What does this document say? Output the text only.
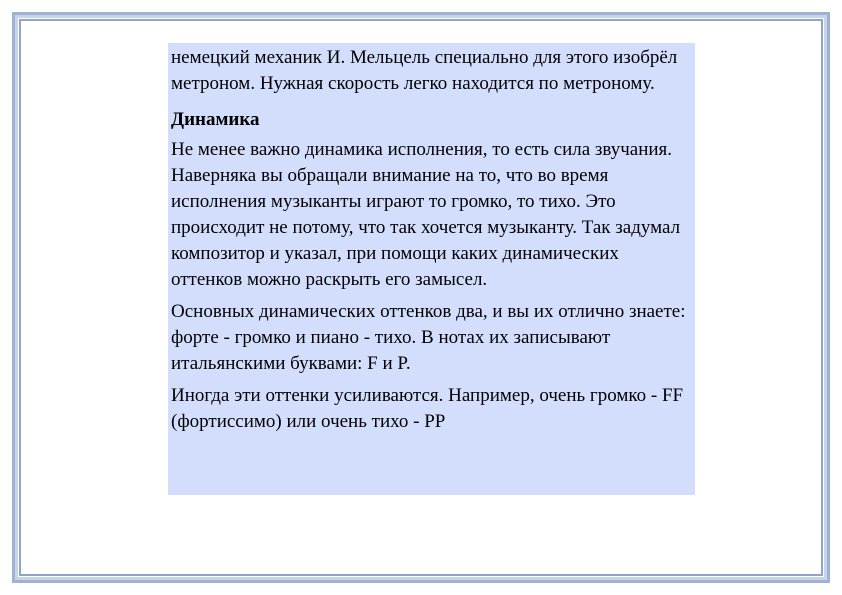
немецкий механик И. Мельцель специально для этого изобрёл метроном. Нужная скорость легко находится по метроному.

Динамика

Не менее важно динамика исполнения, то есть сила звучания. Наверняка вы обращали внимание на то, что во время исполнения музыканты играют то громко, то тихо. Это происходит не потому, что так хочется музыканту. Так задумал композитор и указал, при помощи каких динамических оттенков можно раскрыть его замысел.

Основных динамических оттенков два, и вы их отлично знаете: форте - громко и пиано - тихо. В нотах их записывают итальянскими буквами: F и P.

Иногда эти оттенки усиливаются. Например, очень громко - FF (фортиссимо) или очень тихо - PP
